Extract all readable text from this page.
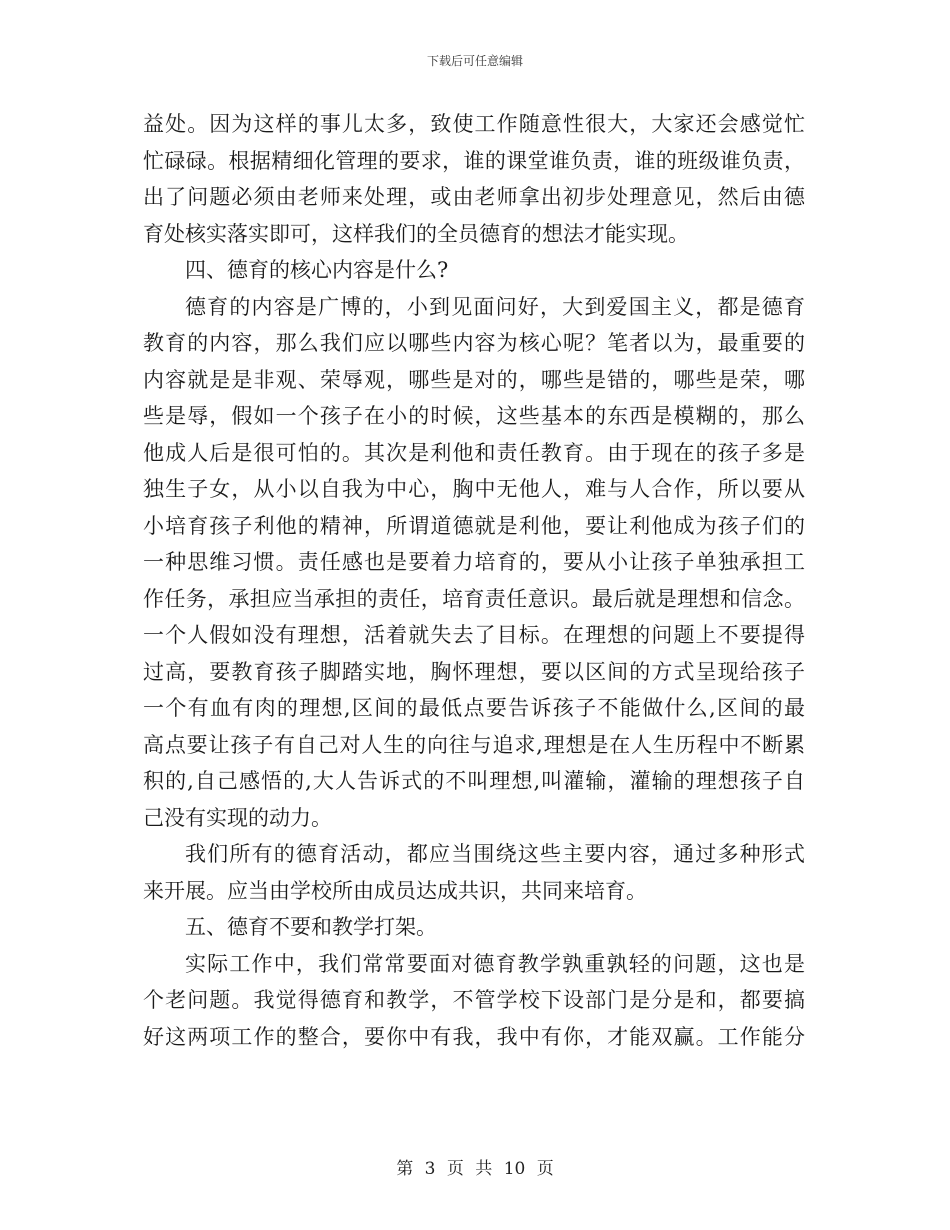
下载后可任意编辑
益处。因为这样的事儿太多，致使工作随意性很大，大家还会感觉忙
忙碌碌。根据精细化管理的要求，谁的课堂谁负责，谁的班级谁负责，
出了问题必须由老师来处理，或由老师拿出初步处理意见，然后由德
育处核实落实即可，这样我们的全员德育的想法才能实现。
四、德育的核心内容是什么?
德育的内容是广博的，小到见面问好，大到爱国主义，都是德育
教育的内容，那么我们应以哪些内容为核心呢？笔者以为，最重要的
内容就是是非观、荣辱观，哪些是对的，哪些是错的，哪些是荣，哪
些是辱，假如一个孩子在小的时候，这些基本的东西是模糊的，那么
他成人后是很可怕的。其次是利他和责任教育。由于现在的孩子多是
独生子女，从小以自我为中心，胸中无他人，难与人合作，所以要从
小培育孩子利他的精神，所谓道德就是利他，要让利他成为孩子们的
一种思维习惯。责任感也是要着力培育的，要从小让孩子单独承担工
作任务，承担应当承担的责任，培育责任意识。最后就是理想和信念。
一个人假如没有理想，活着就失去了目标。在理想的问题上不要提得
过高，要教育孩子脚踏实地，胸怀理想，要以区间的方式呈现给孩子
一个有血有肉的理想,区间的最低点要告诉孩子不能做什么,区间的最
高点要让孩子有自己对人生的向往与追求,理想是在人生历程中不断累
积的,自己感悟的,大人告诉式的不叫理想,叫灌输，灌输的理想孩子自
己没有实现的动力。
我们所有的德育活动，都应当围绕这些主要内容，通过多种形式
来开展。应当由学校所由成员达成共识，共同来培育。
五、德育不要和教学打架。
实际工作中，我们常常要面对德育教学孰重孰轻的问题，这也是
个老问题。我觉得德育和教学，不管学校下设部门是分是和，都要搞
好这两项工作的整合，要你中有我，我中有你，才能双赢。工作能分
第 3 页 共 10 页
